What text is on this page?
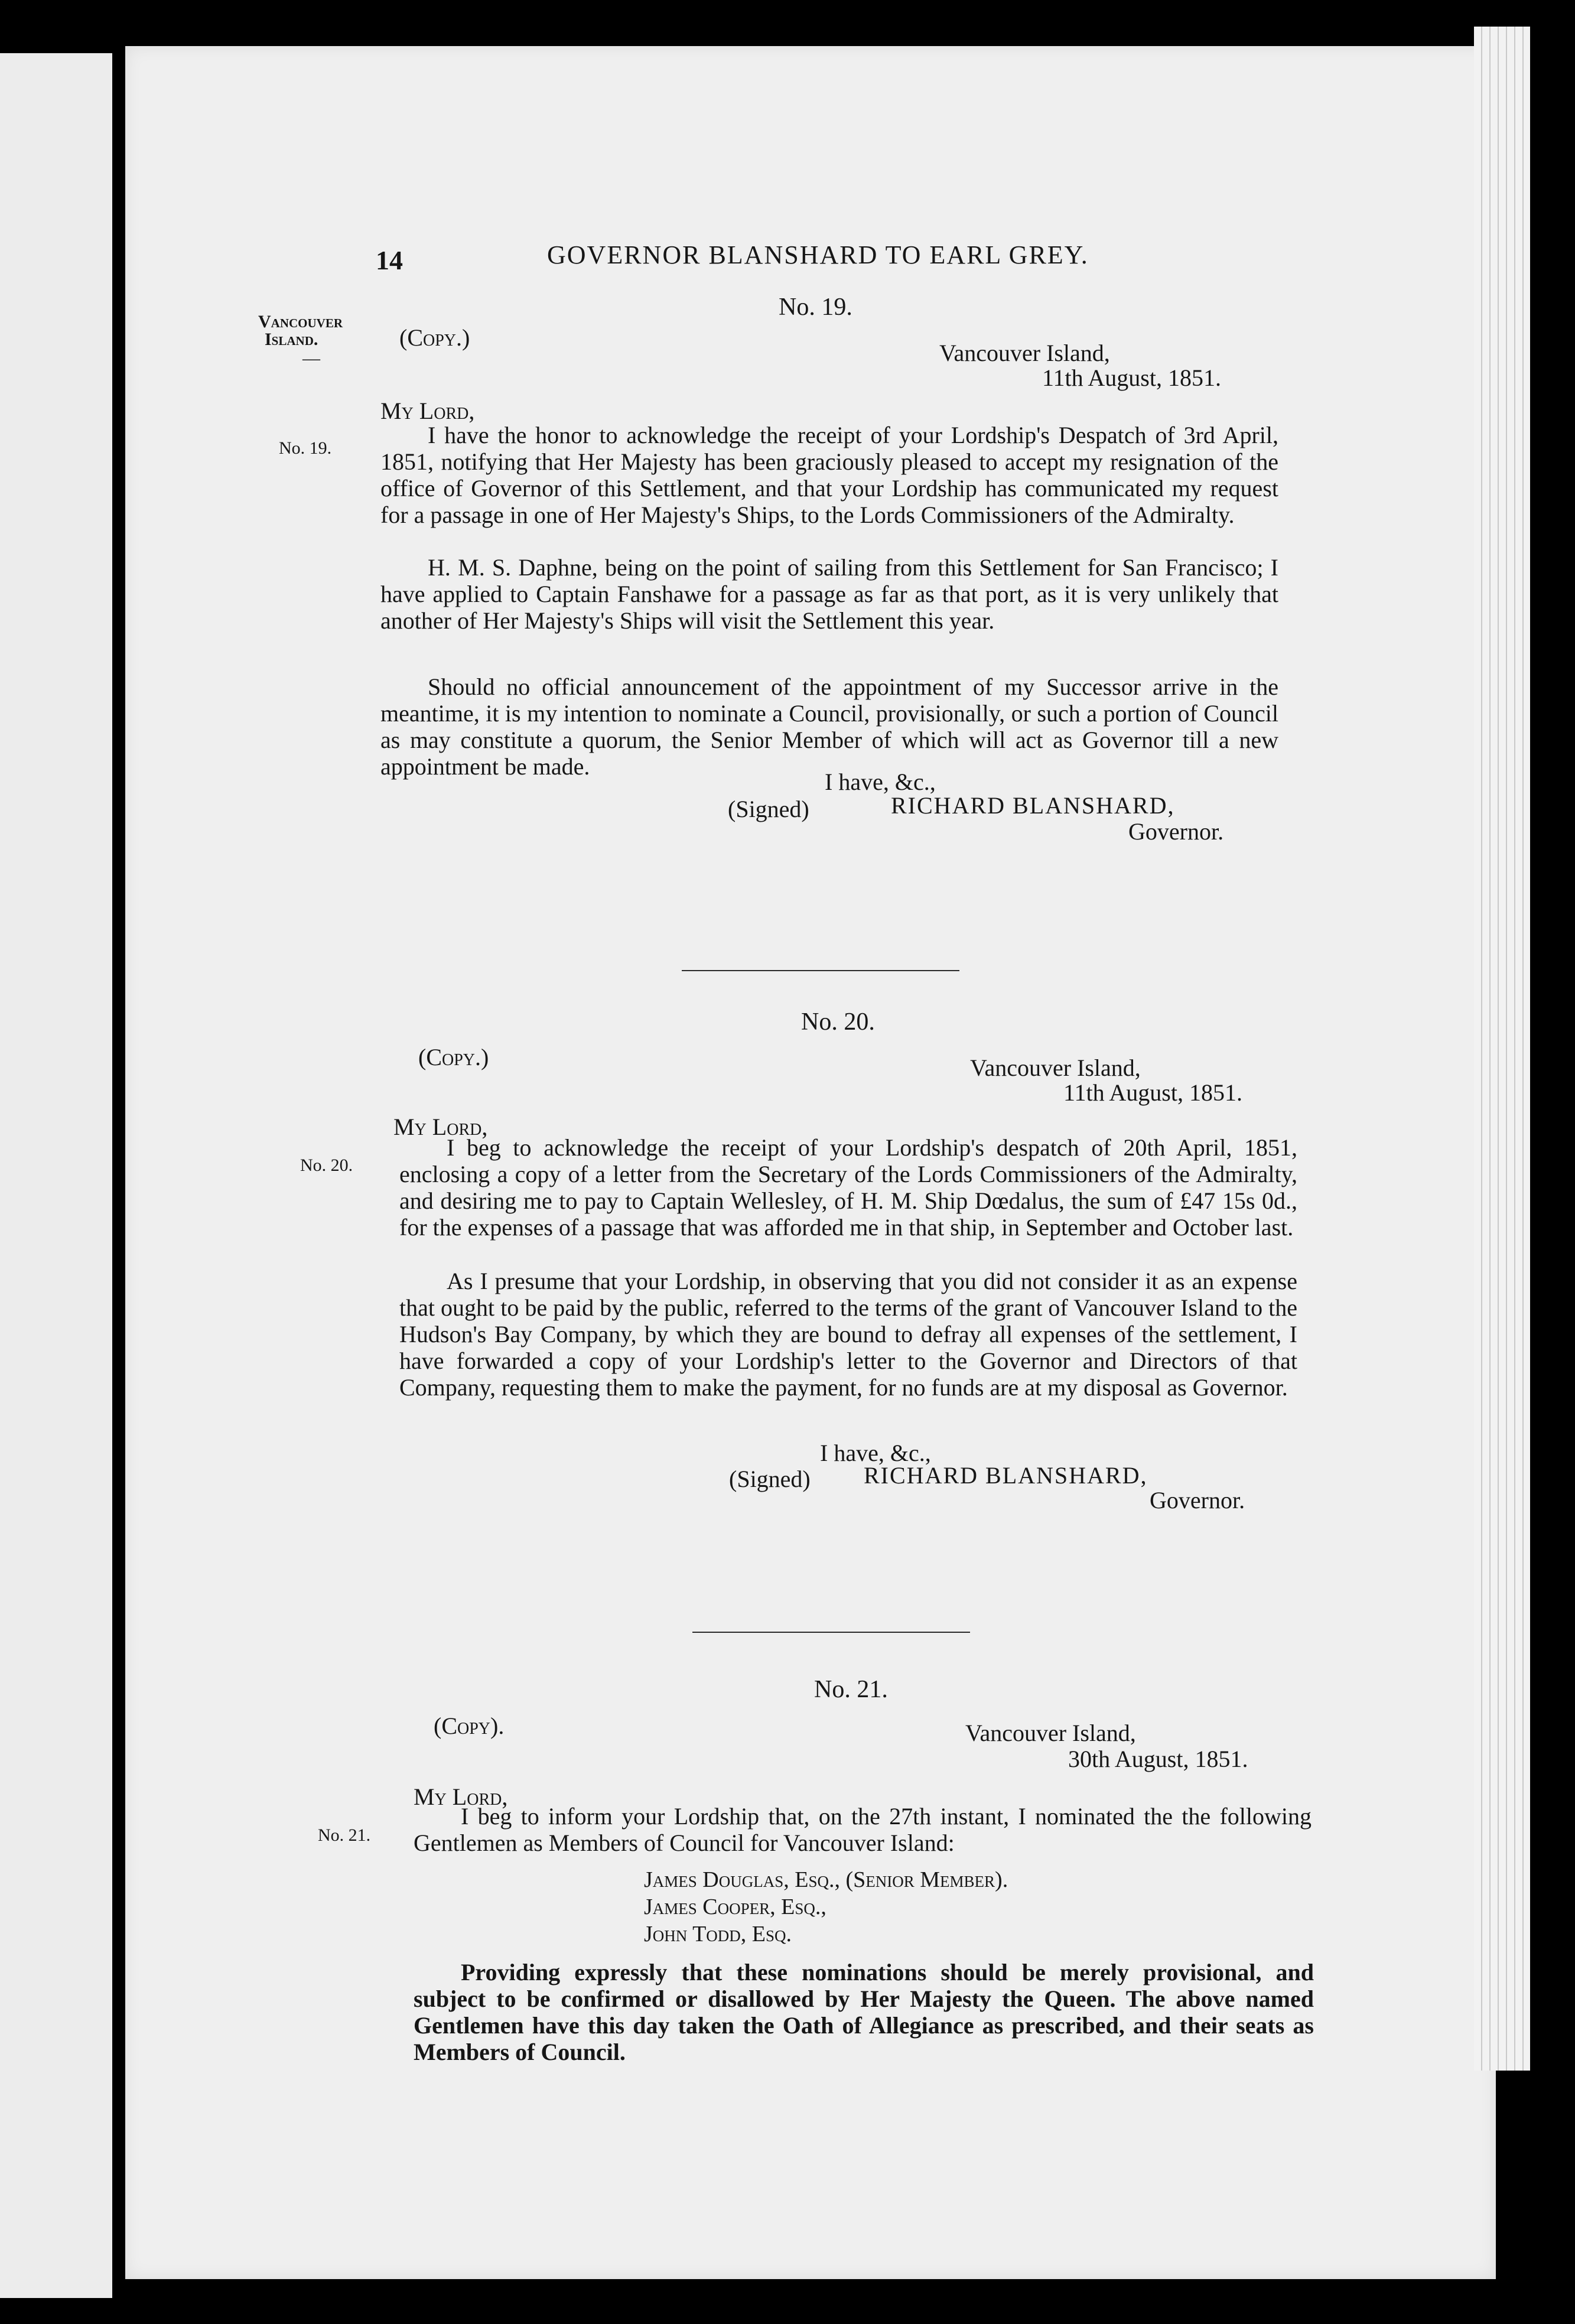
14	GOVERNOR BLANSHARD TO EARL GREY.
Vancouver
Island.
—
No. 19.
(Copy.)
Vancouver Island,
11th August, 1851.
My Lord,
No. 19.	I have the honor to acknowledge the receipt of your Lordship's Despatch of 3rd April, 1851, notifying that Her Majesty has been graciously pleased to accept my resignation of the office of Governor of this Settlement, and that your Lordship has communicated my request for a passage in one of Her Majesty's Ships, to the Lords Commissioners of the Admiralty.
H. M. S. Daphne, being on the point of sailing from this Settlement for San Francisco; I have applied to Captain Fanshawe for a passage as far as that port, as it is very unlikely that another of Her Majesty's Ships will visit the Settlement this year.
Should no official announcement of the appointment of my Successor arrive in the meantime, it is my intention to nominate a Council, provisionally, or such a portion of Council as may constitute a quorum, the Senior Member of which will act as Governor till a new appointment be made.
I have, &c.,
(Signed)	RICHARD BLANSHARD,
Governor.
No. 20.
(Copy.)	Vancouver Island,
11th August, 1851.
My Lord,
No. 20.
I beg to acknowledge the receipt of your Lordship's despatch of 20th April, 1851, enclosing a copy of a letter from the Secretary of the Lords Commissioners of the Admiralty, and desiring me to pay to Captain Wellesley, of H. M. Ship Dœdalus, the sum of £47 15s 0d., for the expenses of a passage that was afforded me in that ship, in September and October last.
As I presume that your Lordship, in observing that you did not consider it as an expense that ought to be paid by the public, referred to the terms of the grant of Vancouver Island to the Hudson's Bay Company, by which they are bound to defray all expenses of the settlement, I have forwarded a copy of your Lordship's letter to the Governor and Directors of that Company, requesting them to make the payment, for no funds are at my disposal as Governor.
I have, &c.,
(Signed) RICHARD BLANSHARD,
Governor.
No. 21.
(Copy).	Vancouver Island,
30th August, 1851.
My Lord,
No. 21.
I beg to inform your Lordship that, on the 27th instant, I nominated the the following Gentlemen as Members of Council for Vancouver Island:
James Douglas, Esq., (Senior Member).
James Cooper, Esq.,
John Todd, Esq.
Providing expressly that these nominations should be merely provisional, and subject to be confirmed or disallowed by Her Majesty the Queen. The above named Gentlemen have this day taken the Oath of Allegiance as prescribed, and their seats as Members of Council.
